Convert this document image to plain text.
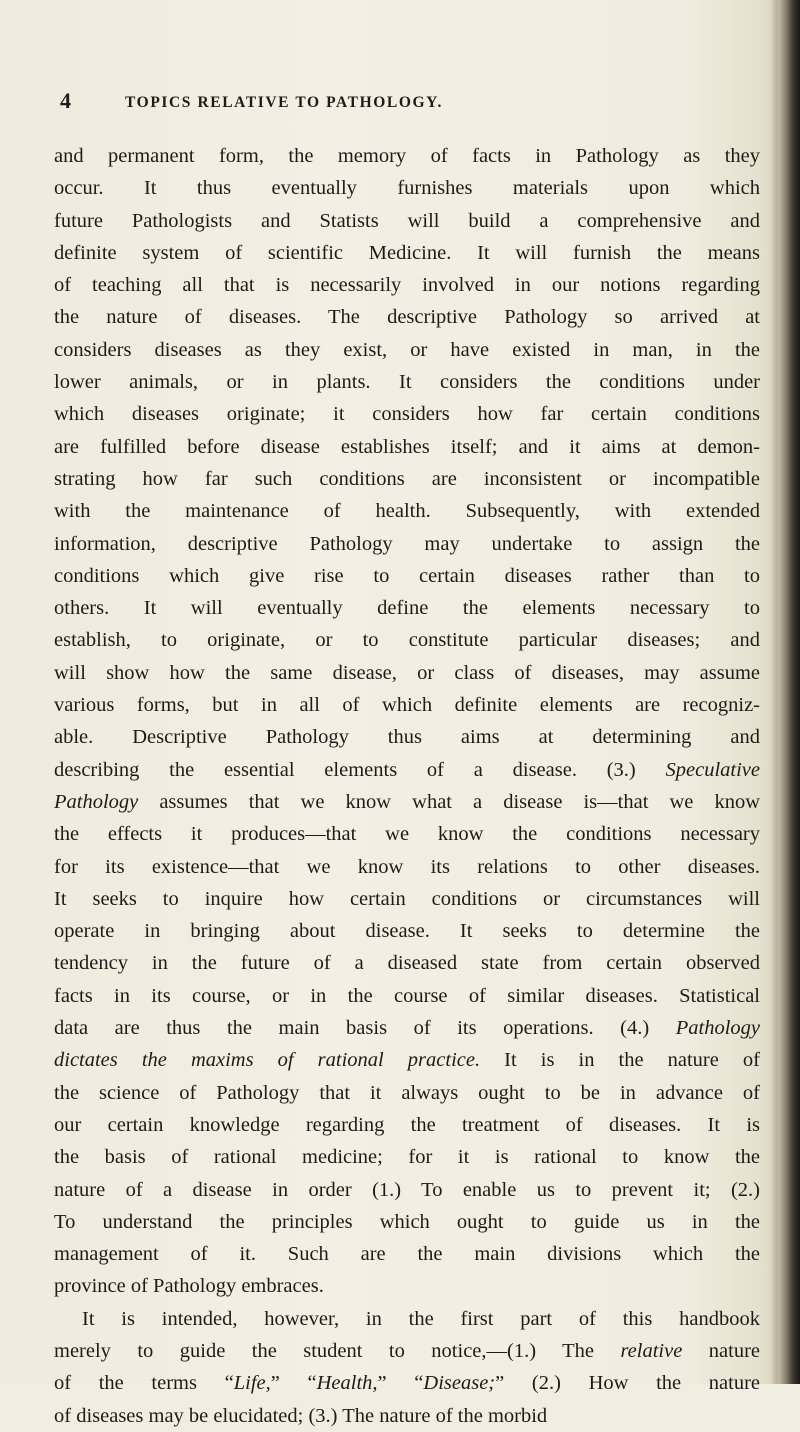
4	TOPICS RELATIVE TO PATHOLOGY.
and permanent form, the memory of facts in Pathology as they
occur. It thus eventually furnishes materials upon which
future Pathologists and Statists will build a comprehensive and
definite system of scientific Medicine. It will furnish the means
of teaching all that is necessarily involved in our notions regarding
the nature of diseases. The descriptive Pathology so arrived at
considers diseases as they exist, or have existed in man, in the
lower animals, or in plants. It considers the conditions under
which diseases originate; it considers how far certain conditions
are fulfilled before disease establishes itself; and it aims at demon-
strating how far such conditions are inconsistent or incompatible
with the maintenance of health. Subsequently, with extended
information, descriptive Pathology may undertake to assign the
conditions which give rise to certain diseases rather than to
others. It will eventually define the elements necessary to
establish, to originate, or to constitute particular diseases; and
will show how the same disease, or class of diseases, may assume
various forms, but in all of which definite elements are recogniz-
able. Descriptive Pathology thus aims at determining and
describing the essential elements of a disease. (3.) Speculative
Pathology assumes that we know what a disease is—that we know
the effects it produces—that we know the conditions necessary
for its existence—that we know its relations to other diseases.
It seeks to inquire how certain conditions or circumstances will
operate in bringing about disease. It seeks to determine the
tendency in the future of a diseased state from certain observed
facts in its course, or in the course of similar diseases. Statistical
data are thus the main basis of its operations. (4.) Pathology
dictates the maxims of rational practice. It is in the nature of
the science of Pathology that it always ought to be in advance of
our certain knowledge regarding the treatment of diseases. It is
the basis of rational medicine; for it is rational to know the
nature of a disease in order (1.) To enable us to prevent it; (2.)
To understand the principles which ought to guide us in the
management of it. Such are the main divisions which the
province of Pathology embraces.
It is intended, however, in the first part of this handbook
merely to guide the student to notice,—(1.) The relative nature
of the terms “Life,” “Health,” “Disease;” (2.) How the nature
of diseases may be elucidated; (3.) The nature of the morbid
